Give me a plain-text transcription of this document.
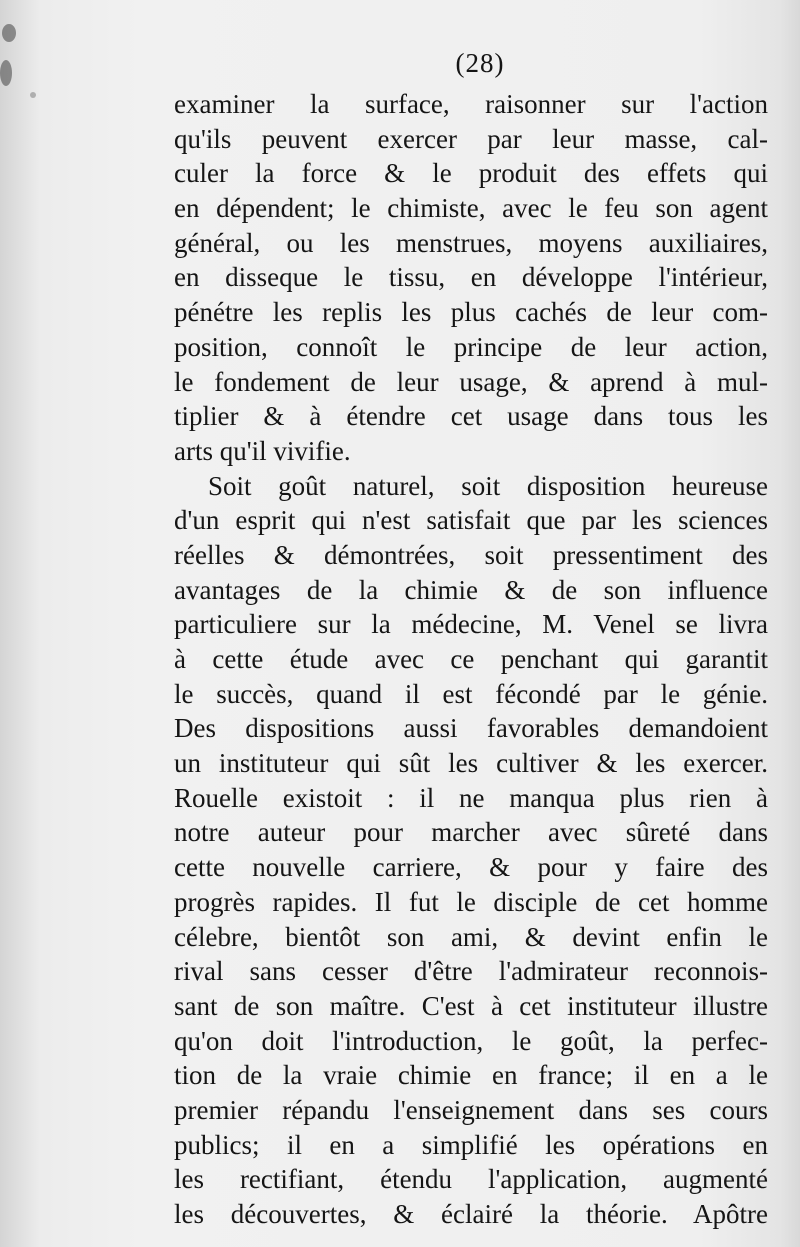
(28)
examiner la surface, raisonner sur l'action
qu'ils peuvent exercer par leur masse, cal-
culer la force & le produit des effets qui
en dépendent; le chimiste, avec le feu son agent
général, ou les menstrues, moyens auxiliaires,
en disseque le tissu, en développe l'intérieur,
pénétre les replis les plus cachés de leur com-
position, connoît le principe de leur action,
le fondement de leur usage, & aprend à mul-
tiplier & à étendre cet usage dans tous les
arts qu'il vivifie.
Soit goût naturel, soit disposition heureuse
d'un esprit qui n'est satisfait que par les sciences
réelles & démontrées, soit pressentiment des
avantages de la chimie & de son influence
particuliere sur la médecine, M. Venel se livra
à cette étude avec ce penchant qui garantit
le succès, quand il est fécondé par le génie.
Des dispositions aussi favorables demandoient
un instituteur qui sût les cultiver & les exercer.
Rouelle existoit : il ne manqua plus rien à
notre auteur pour marcher avec sûreté dans
cette nouvelle carriere, & pour y faire des
progrès rapides. Il fut le disciple de cet homme
célebre, bientôt son ami, & devint enfin le
rival sans cesser d'être l'admirateur reconnois-
sant de son maître. C'est à cet instituteur illustre
qu'on doit l'introduction, le goût, la perfec-
tion de la vraie chimie en france; il en a le
premier répandu l'enseignement dans ses cours
publics; il en a simplifié les opérations en
les rectifiant, étendu l'application, augmenté
les découvertes, & éclairé la théorie. Apôtre
